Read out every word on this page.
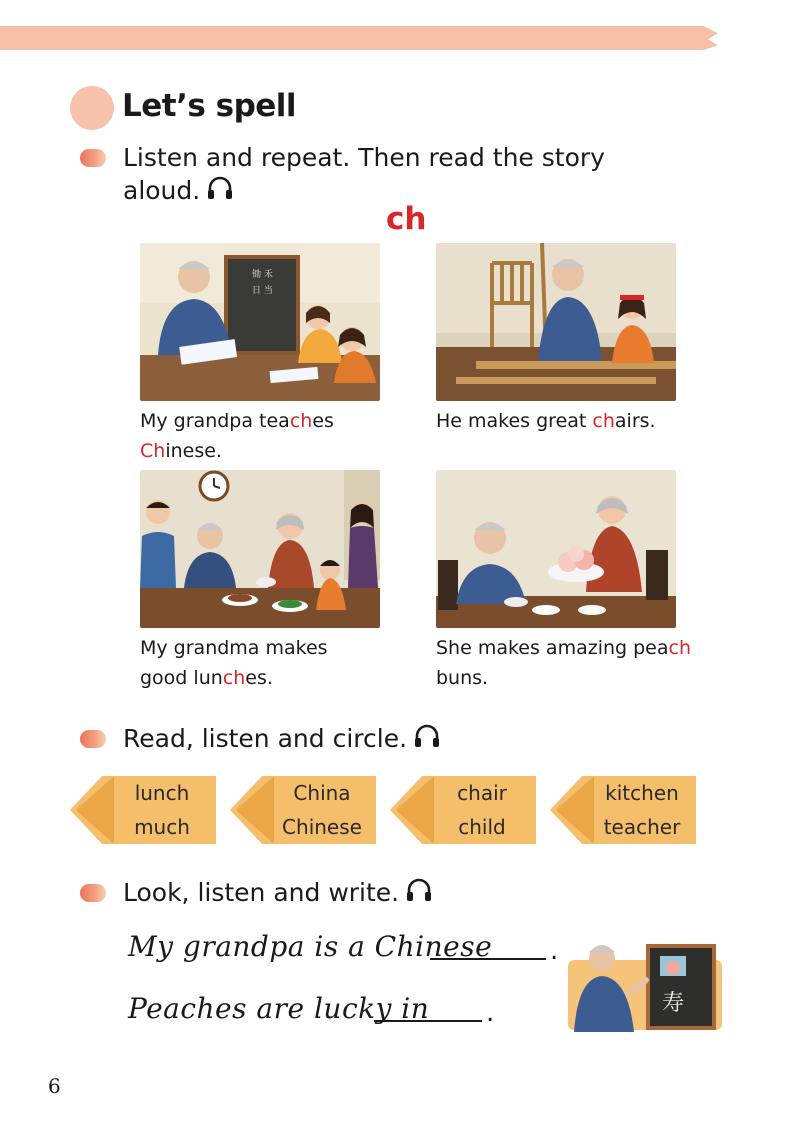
Let’s spell
Listen and repeat. Then read the story
aloud.
ch
锄 禾
日 当
My grandpa teaches
Chinese.
He makes great chairs.
My grandma makes
good lunches.
She makes amazing peach
buns.
Read, listen and circle.
lunch
much
China
Chinese
chair
child
kitchen
teacher
Look, listen and write.
My grandpa is a Chinese .
Peaches are lucky in .	寿
6
